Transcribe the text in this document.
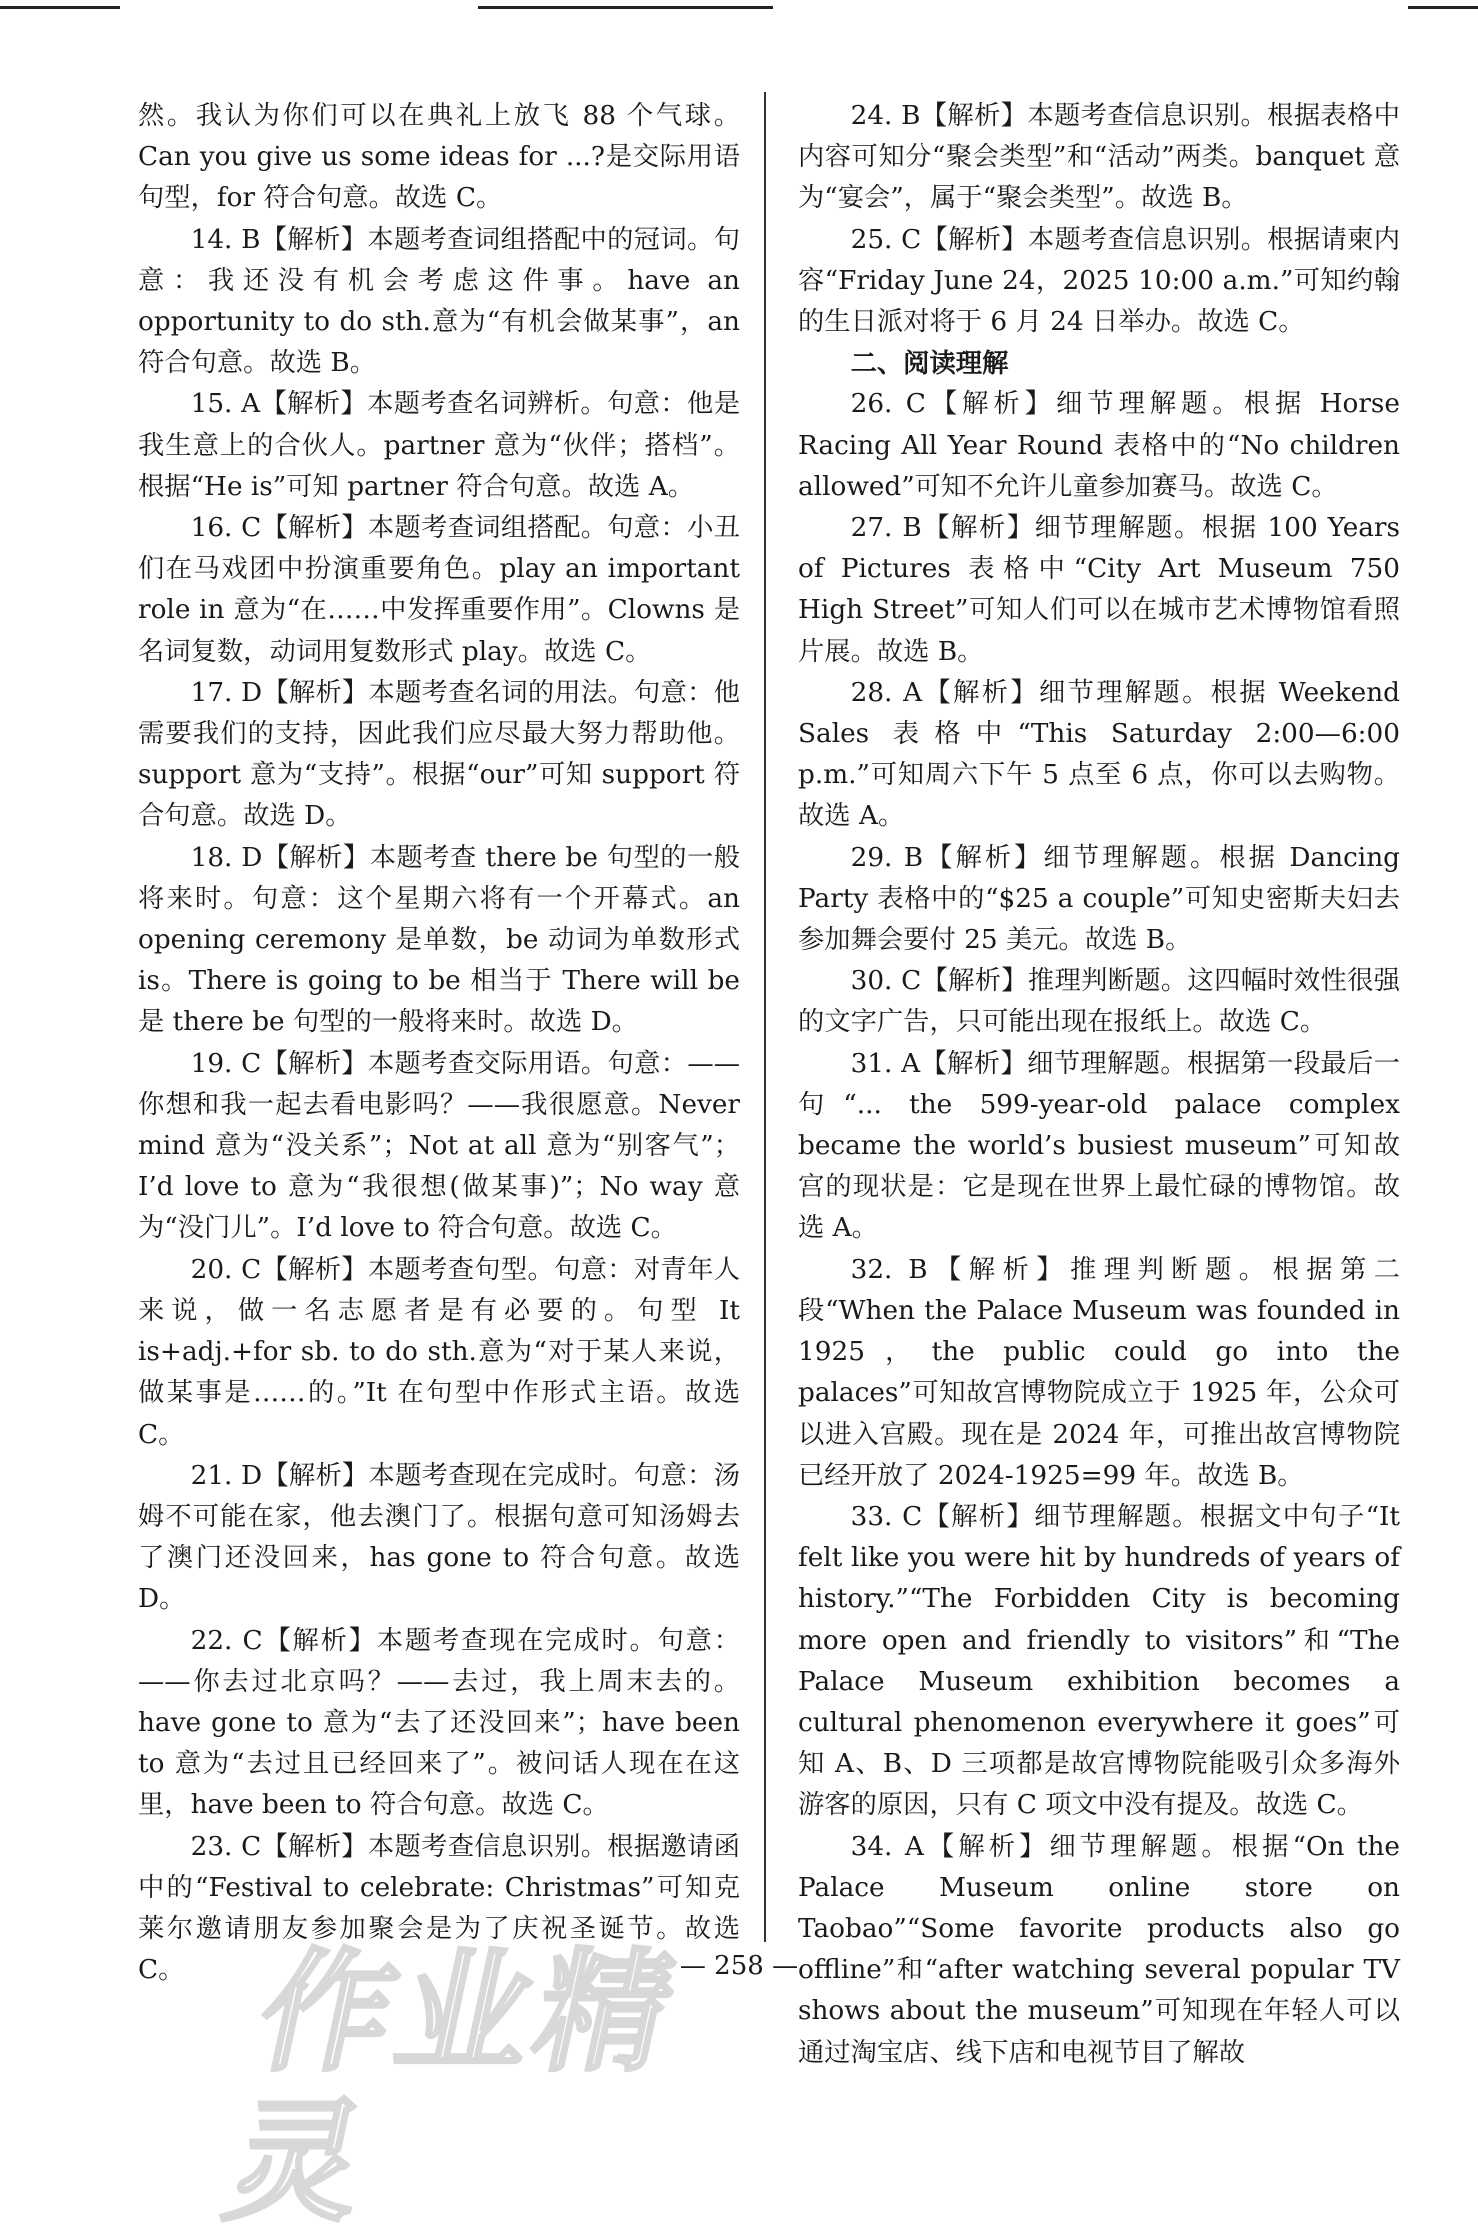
然。我认为你们可以在典礼上放飞 88 个气球。Can you give us some ideas for ...?是交际用语句型，for 符合句意。故选 C。

14. B【解析】本题考查词组搭配中的冠词。句意：我还没有机会考虑这件事。have an opportunity to do sth.意为“有机会做某事”，an 符合句意。故选 B。

15. A【解析】本题考查名词辨析。句意：他是我生意上的合伙人。partner 意为“伙伴；搭档”。根据“He is”可知 partner 符合句意。故选 A。

16. C【解析】本题考查词组搭配。句意：小丑们在马戏团中扮演重要角色。play an important role in 意为“在……中发挥重要作用”。Clowns 是名词复数，动词用复数形式 play。故选 C。

17. D【解析】本题考查名词的用法。句意：他需要我们的支持，因此我们应尽最大努力帮助他。support 意为“支持”。根据“our”可知 support 符合句意。故选 D。

18. D【解析】本题考查 there be 句型的一般将来时。句意：这个星期六将有一个开幕式。an opening ceremony 是单数，be 动词为单数形式 is。There is going to be 相当于 There will be 是 there be 句型的一般将来时。故选 D。

19. C【解析】本题考查交际用语。句意：——你想和我一起去看电影吗？——我很愿意。Never mind 意为“没关系”；Not at all 意为“别客气”；I’d love to 意为“我很想(做某事)”；No way 意为“没门儿”。I’d love to 符合句意。故选 C。

20. C【解析】本题考查句型。句意：对青年人来说，做一名志愿者是有必要的。句型 It is+adj.+for sb. to do sth.意为“对于某人来说，做某事是……的。”It 在句型中作形式主语。故选 C。

21. D【解析】本题考查现在完成时。句意：汤姆不可能在家，他去澳门了。根据句意可知汤姆去了澳门还没回来，has gone to 符合句意。故选 D。

22. C【解析】本题考查现在完成时。句意：——你去过北京吗？——去过，我上周末去的。have gone to 意为“去了还没回来”；have been to 意为“去过且已经回来了”。被问话人现在在这里，have been to 符合句意。故选 C。

23. C【解析】本题考查信息识别。根据邀请函中的“Festival to celebrate: Christmas”可知克莱尔邀请朋友参加聚会是为了庆祝圣诞节。故选 C。

24. B【解析】本题考查信息识别。根据表格中内容可知分“聚会类型”和“活动”两类。banquet 意为“宴会”，属于“聚会类型”。故选 B。

25. C【解析】本题考查信息识别。根据请柬内容“Friday June 24，2025 10:00 a.m.”可知约翰的生日派对将于 6 月 24 日举办。故选 C。

二、阅读理解

26. C【解析】细节理解题。根据 Horse Racing All Year Round 表格中的“No children allowed”可知不允许儿童参加赛马。故选 C。

27. B【解析】细节理解题。根据 100 Years of Pictures 表格中“City Art Museum 750 High Street”可知人们可以在城市艺术博物馆看照片展。故选 B。

28. A【解析】细节理解题。根据 Weekend Sales 表格中“This Saturday 2:00—6:00 p.m.”可知周六下午 5 点至 6 点，你可以去购物。故选 A。

29. B【解析】细节理解题。根据 Dancing Party 表格中的“$25 a couple”可知史密斯夫妇去参加舞会要付 25 美元。故选 B。

30. C【解析】推理判断题。这四幅时效性很强的文字广告，只可能出现在报纸上。故选 C。

31. A【解析】细节理解题。根据第一段最后一句“... the 599-year-old palace complex became the world’s busiest museum”可知故宫的现状是：它是现在世界上最忙碌的博物馆。故选 A。

32. B【解析】推理判断题。根据第二段“When the Palace Museum was founded in 1925，the public could go into the palaces”可知故宫博物院成立于 1925 年，公众可以进入宫殿。现在是 2024 年，可推出故宫博物院已经开放了 2024-1925=99 年。故选 B。

33. C【解析】细节理解题。根据文中句子“It felt like you were hit by hundreds of years of history.”“The Forbidden City is becoming more open and friendly to visitors”和“The Palace Museum exhibition becomes a cultural phenomenon everywhere it goes”可知 A、B、D 三项都是故宫博物院能吸引众多海外游客的原因，只有 C 项文中没有提及。故选 C。

34. A【解析】细节理解题。根据“On the Palace Museum online store on Taobao”“Some favorite products also go offline”和“after watching several popular TV shows about the museum”可知现在年轻人可以通过淘宝店、线下店和电视节目了解故

— 258 —
作业精灵
